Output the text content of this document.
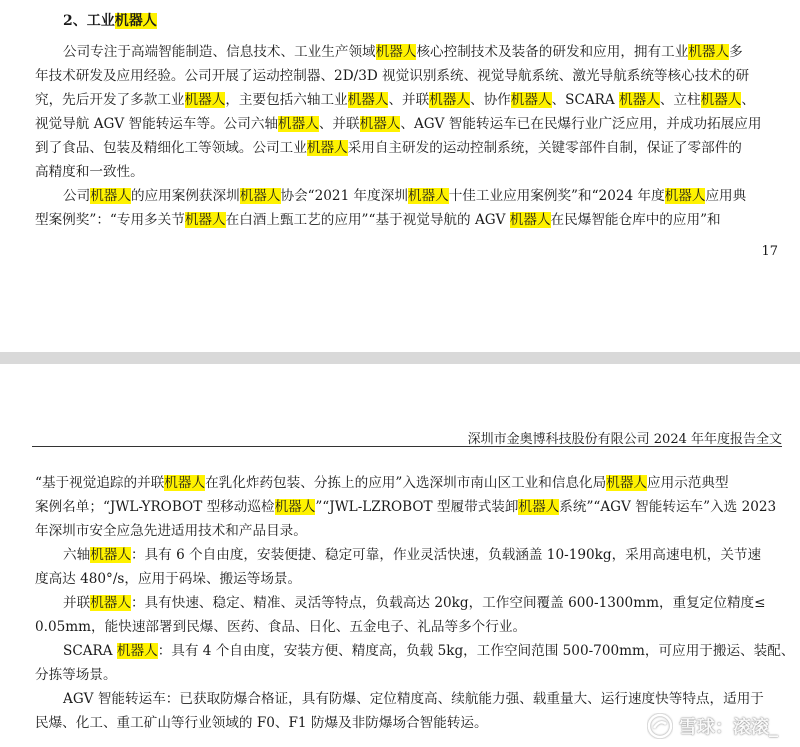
2、工业机器人
公司专注于高端智能制造、信息技术、工业生产领域机器人核心控制技术及装备的研发和应用，拥有工业机器人多
年技术研发及应用经验。公司开展了运动控制器、2D/3D 视觉识别系统、视觉导航系统、激光导航系统等核心技术的研
究，先后开发了多款工业机器人，主要包括六轴工业机器人、并联机器人、协作机器人、SCARA 机器人、立柱机器人、
视觉导航 AGV 智能转运车等。公司六轴机器人、并联机器人、AGV 智能转运车已在民爆行业广泛应用，并成功拓展应用
到了食品、包装及精细化工等领域。公司工业机器人采用自主研发的运动控制系统，关键零部件自制，保证了零部件的
高精度和一致性。
公司机器人的应用案例获深圳机器人协会“2021 年度深圳机器人十佳工业应用案例奖”和“2024 年度机器人应用典
型案例奖”：“专用多关节机器人在白酒上甄工艺的应用”“基于视觉导航的 AGV 机器人在民爆智能仓库中的应用”和
17
深圳市金奥博科技股份有限公司 2024 年年度报告全文
“基于视觉追踪的并联机器人在乳化炸药包装、分拣上的应用”入选深圳市南山区工业和信息化局机器人应用示范典型
案例名单；“JWL-YROBOT 型移动巡检机器人”“JWL-LZROBOT 型履带式装卸机器人系统”“AGV 智能转运车”入选 2023
年深圳市安全应急先进适用技术和产品目录。
六轴机器人：具有 6 个自由度，安装便捷、稳定可靠，作业灵活快速，负载涵盖 10-190kg，采用高速电机，关节速
度高达 480°/s，应用于码垛、搬运等场景。
并联机器人：具有快速、稳定、精准、灵活等特点，负载高达 20kg，工作空间覆盖 600-1300mm，重复定位精度≤
0.05mm，能快速部署到民爆、医药、食品、日化、五金电子、礼品等多个行业。
SCARA 机器人：具有 4 个自由度，安装方便、精度高，负载 5kg，工作空间范围 500-700mm，可应用于搬运、装配、
分拣等场景。
AGV 智能转运车：已获取防爆合格证，具有防爆、定位精度高、续航能力强、载重量大、运行速度快等特点，适用于
民爆、化工、重工矿山等行业领域的 F0、F1 防爆及非防爆场合智能转运。	雪球：滚滚_
